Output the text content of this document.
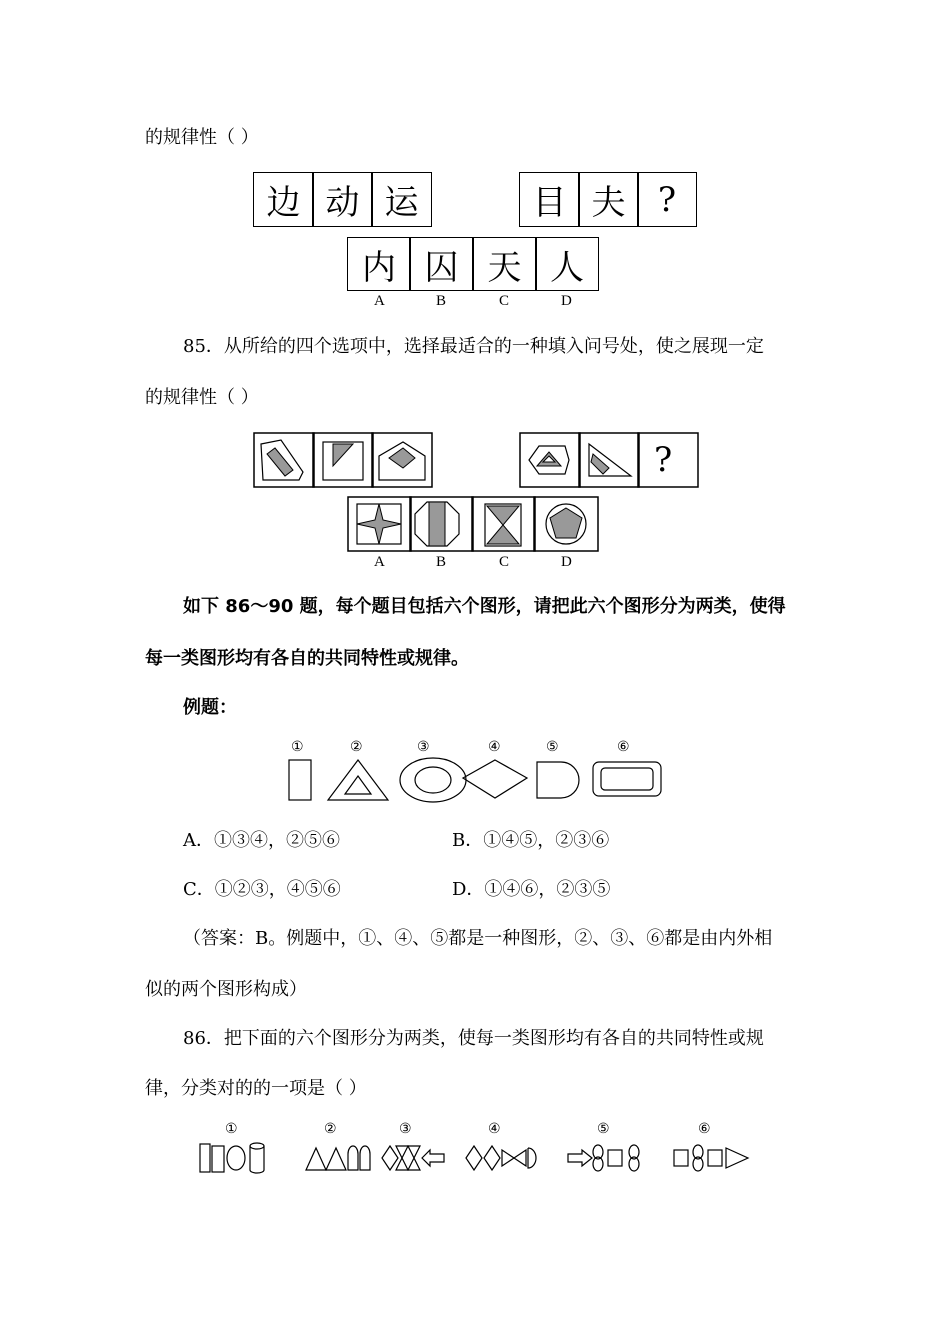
的规律性（ ）
边 动 运	目 夫 ?
内 囚 天 人
A	B	C	D
85．从所给的四个选项中，选择最适合的一种填入问号处，使之展现一定
的规律性（ ）
?
A	B	C	D
如下 86～90 题，每个题目包括六个图形，请把此六个图形分为两类，使得
每一类图形均有各自的共同特性或规律。
例题：
①	②	③	④	⑤	⑥
A．①③④，②⑤⑥	B．①④⑤，②③⑥
C．①②③，④⑤⑥	D．①④⑥，②③⑤
（答案：B。例题中，①、④、⑤都是一种图形，②、③、⑥都是由内外相
似的两个图形构成）
86．把下面的六个图形分为两类，使每一类图形均有各自的共同特性或规
律，分类对的的一项是（ ）
①	②	③	④	⑤	⑥
